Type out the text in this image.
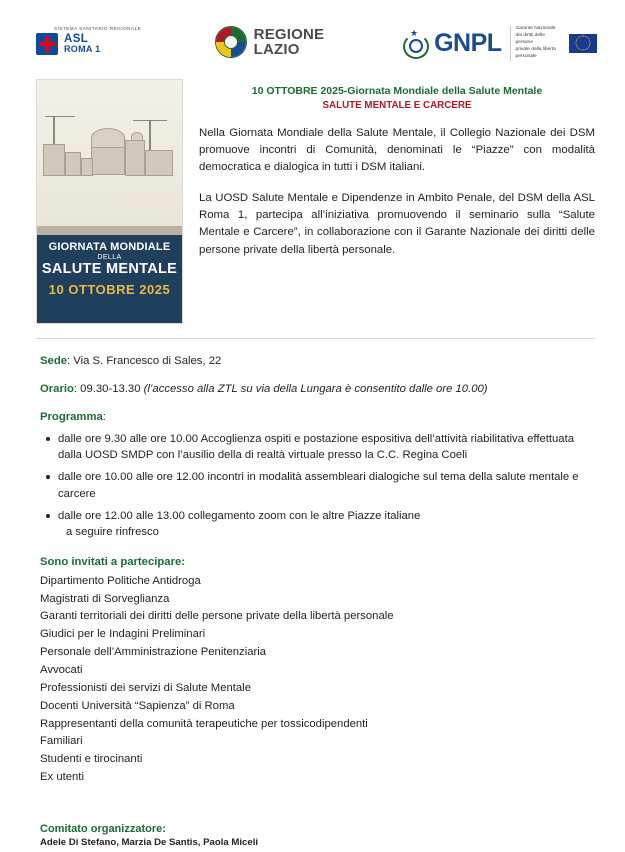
SISTEMA SANITARIO REGIONALE
ASL
ROMA 1
REGIONE
LAZIO
★ GNPL
Garante Nazionale
dei diritti delle persone
private della libertà personale
GIORNATA MONDIALE
DELLA
SALUTE MENTALE
10 OTTOBRE 2025
10 OTTOBRE 2025-Giornata Mondiale della Salute Mentale
SALUTE MENTALE E CARCERE

Nella Giornata Mondiale della Salute Mentale, il Collegio Nazionale dei DSM promuove incontri di Comunità, denominati le “Piazze” con modalità democratica e dialogica in tutti i DSM italiani.

La UOSD Salute Mentale e Dipendenze in Ambito Penale, del DSM della ASL Roma 1, partecipa all’iniziativa promuovendo il seminario sulla “Salute Mentale e Carcere”, in collaborazione con il Garante Nazionale dei diritti delle persone private della libertà personale.

Sede: Via S. Francesco di Sales, 22
Orario: 09.30-13.30 (l’accesso alla ZTL su via della Lungara è consentito dalle ore 10.00)
Programma:
dalle ore 9.30 alle ore 10.00 Accoglienza ospiti e postazione espositiva dell’attività riabilitativa effettuata dalla UOSD SMDP con l’ausilio della di realtà virtuale presso la C.C. Regina Coeli
dalle ore 10.00 alle ore 12.00 incontri in modalità assembleari dialogiche sul tema della salute mentale e carcere
dalle ore 12.00 alle 13.00 collegamento zoom con le altre Piazze italiane
a seguire rinfresco
Sono invitati a partecipare:
Dipartimento Politiche Antidroga
Magistrati di Sorveglianza
Garanti territoriali dei diritti delle persone private della libertà personale
Giudici per le Indagini Preliminari
Personale dell’Amministrazione Penitenziaria
Avvocati
Professionisti dei servizi di Salute Mentale
Docenti Università “Sapienza” di Roma
Rappresentanti della comunità terapeutiche per tossicodipendenti
Familiari
Studenti e tirocinanti
Ex utenti
Comitato organizzatore:
Adele Di Stefano, Marzia De Santis, Paola Miceli
